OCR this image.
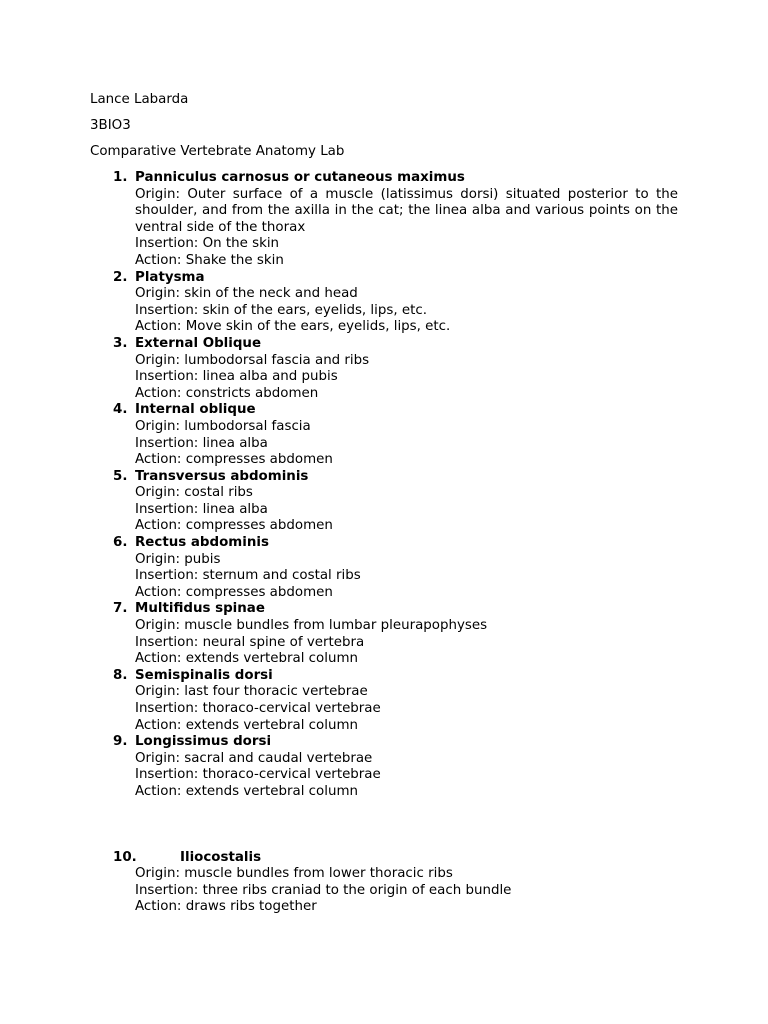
Lance Labarda
3BIO3
Comparative Vertebrate Anatomy Lab
1. Panniculus carnosus or cutaneous maximus
Origin: Outer surface of a muscle (latissimus dorsi) situated posterior to the shoulder, and from the axilla in the cat; the linea alba and various points on the ventral side of the thorax
Insertion: On the skin
Action: Shake the skin
2. Platysma
Origin: skin of the neck and head
Insertion: skin of the ears, eyelids, lips, etc.
Action: Move skin of the ears, eyelids, lips, etc.
3. External Oblique
Origin: lumbodorsal fascia and ribs
Insertion: linea alba and pubis
Action: constricts abdomen
4. Internal oblique
Origin: lumbodorsal fascia
Insertion: linea alba
Action: compresses abdomen
5. Transversus abdominis
Origin: costal ribs
Insertion: linea alba
Action: compresses abdomen
6. Rectus abdominis
Origin: pubis
Insertion: sternum and costal ribs
Action: compresses abdomen
7. Multifidus spinae
Origin: muscle bundles from lumbar pleurapophyses
Insertion: neural spine of vertebra
Action: extends vertebral column
8. Semispinalis dorsi
Origin: last four thoracic vertebrae
Insertion: thoraco-cervical vertebrae
Action: extends vertebral column
9. Longissimus dorsi
Origin: sacral and caudal vertebrae
Insertion: thoraco-cervical vertebrae
Action: extends vertebral column
10.	Iliocostalis
Origin: muscle bundles from lower thoracic ribs
Insertion: three ribs craniad to the origin of each bundle
Action: draws ribs together
